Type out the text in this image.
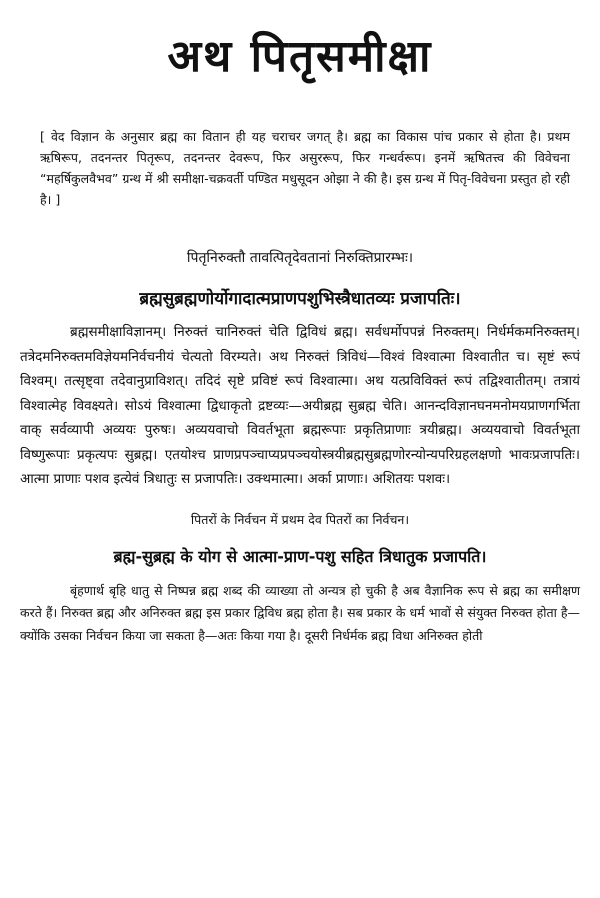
अथ पितृसमीक्षा
[ वेद विज्ञान के अनुसार ब्रह्म का वितान ही यह चराचर जगत् है। ब्रह्म का विकास पांच प्रकार से होता है। प्रथम ऋषिरूप, तदनन्तर पितृरूप, तदनन्तर देवरूप, फिर असुररूप, फिर गन्धर्वरूप। इनमें ऋषितत्त्व की विवेचना “महर्षिकुलवैभव” ग्रन्थ में श्री समीक्षा-चक्रवर्ती पण्डित मधुसूदन ओझा ने की है। इस ग्रन्थ में पितृ-विवेचना प्रस्तुत हो रही है। ]
पितृनिरुक्तौ तावत्पितृदेवतानां निरुक्तिप्रारम्भः।
ब्रह्मसुब्रह्मणोर्योगादात्मप्राणपशुभिस्त्रैधातव्यः प्रजापतिः।

ब्रह्मसमीक्षाविज्ञानम्। निरुक्तं चानिरुक्तं चेति द्विविधं ब्रह्म। सर्वधर्मोपपन्नं निरुक्तम्। निर्धर्मकमनिरुक्तम्। तत्रेदमनिरुक्तमविज्ञेयमनिर्वचनीयं चेत्यतो विरम्यते। अथ निरुक्तं त्रिविधं—विश्वं विश्वात्मा विश्वातीत च। सृष्टं रूपं विश्वम्। तत्सृष्ट्वा तदेवानुप्राविशत्। तदिदं सृष्टे प्रविष्टं रूपं विश्वात्मा। अथ यत्प्रविविक्तं रूपं तद्विश्वातीतम्। तत्रायं विश्वात्मेह विवक्ष्यते। सोऽयं विश्वात्मा द्विधाकृतो द्रष्टव्यः—अयीब्रह्म सुब्रह्म चेति। आनन्दविज्ञानघनमनोमयप्राणगर्भिता वाक् सर्वव्यापी अव्ययः पुरुषः। अव्ययवाचो विवर्तभूता ब्रह्मरूपाः प्रकृतिप्राणाः त्रयीब्रह्म। अव्ययवाचो विवर्तभूता विष्णुरूपाः प्रकृत्यपः सुब्रह्म। एतयोश्च प्राणप्रपञ्चाप्यप्रपञ्चयोस्त्रयीब्रह्मसुब्रह्मणोरन्योन्यपरिग्रहलक्षणो भावःप्रजापतिः। आत्मा प्राणाः पशव इत्येवं त्रिधातुः स प्रजापतिः। उक्थमात्मा। अर्का प्राणाः। अशितयः पशवः।

पितरों के निर्वचन में प्रथम देव पितरों का निर्वचन।
ब्रह्म-सुब्रह्म के योग से आत्मा-प्राण-पशु सहित त्रिधातुक प्रजापति।

बृंहणार्थ बृहि धातु से निष्पन्न ब्रह्म शब्द की व्याख्या तो अन्यत्र हो चुकी है अब वैज्ञानिक रूप से ब्रह्म का समीक्षण करते हैं। निरुक्त ब्रह्म और अनिरुक्त ब्रह्म इस प्रकार द्विविध ब्रह्म होता है। सब प्रकार के धर्म भावों से संयुक्त निरुक्त होता है—क्योंकि उसका निर्वचन किया जा सकता है—अतः किया गया है। दूसरी निर्धर्मक ब्रह्म विधा अनिरुक्त होती
